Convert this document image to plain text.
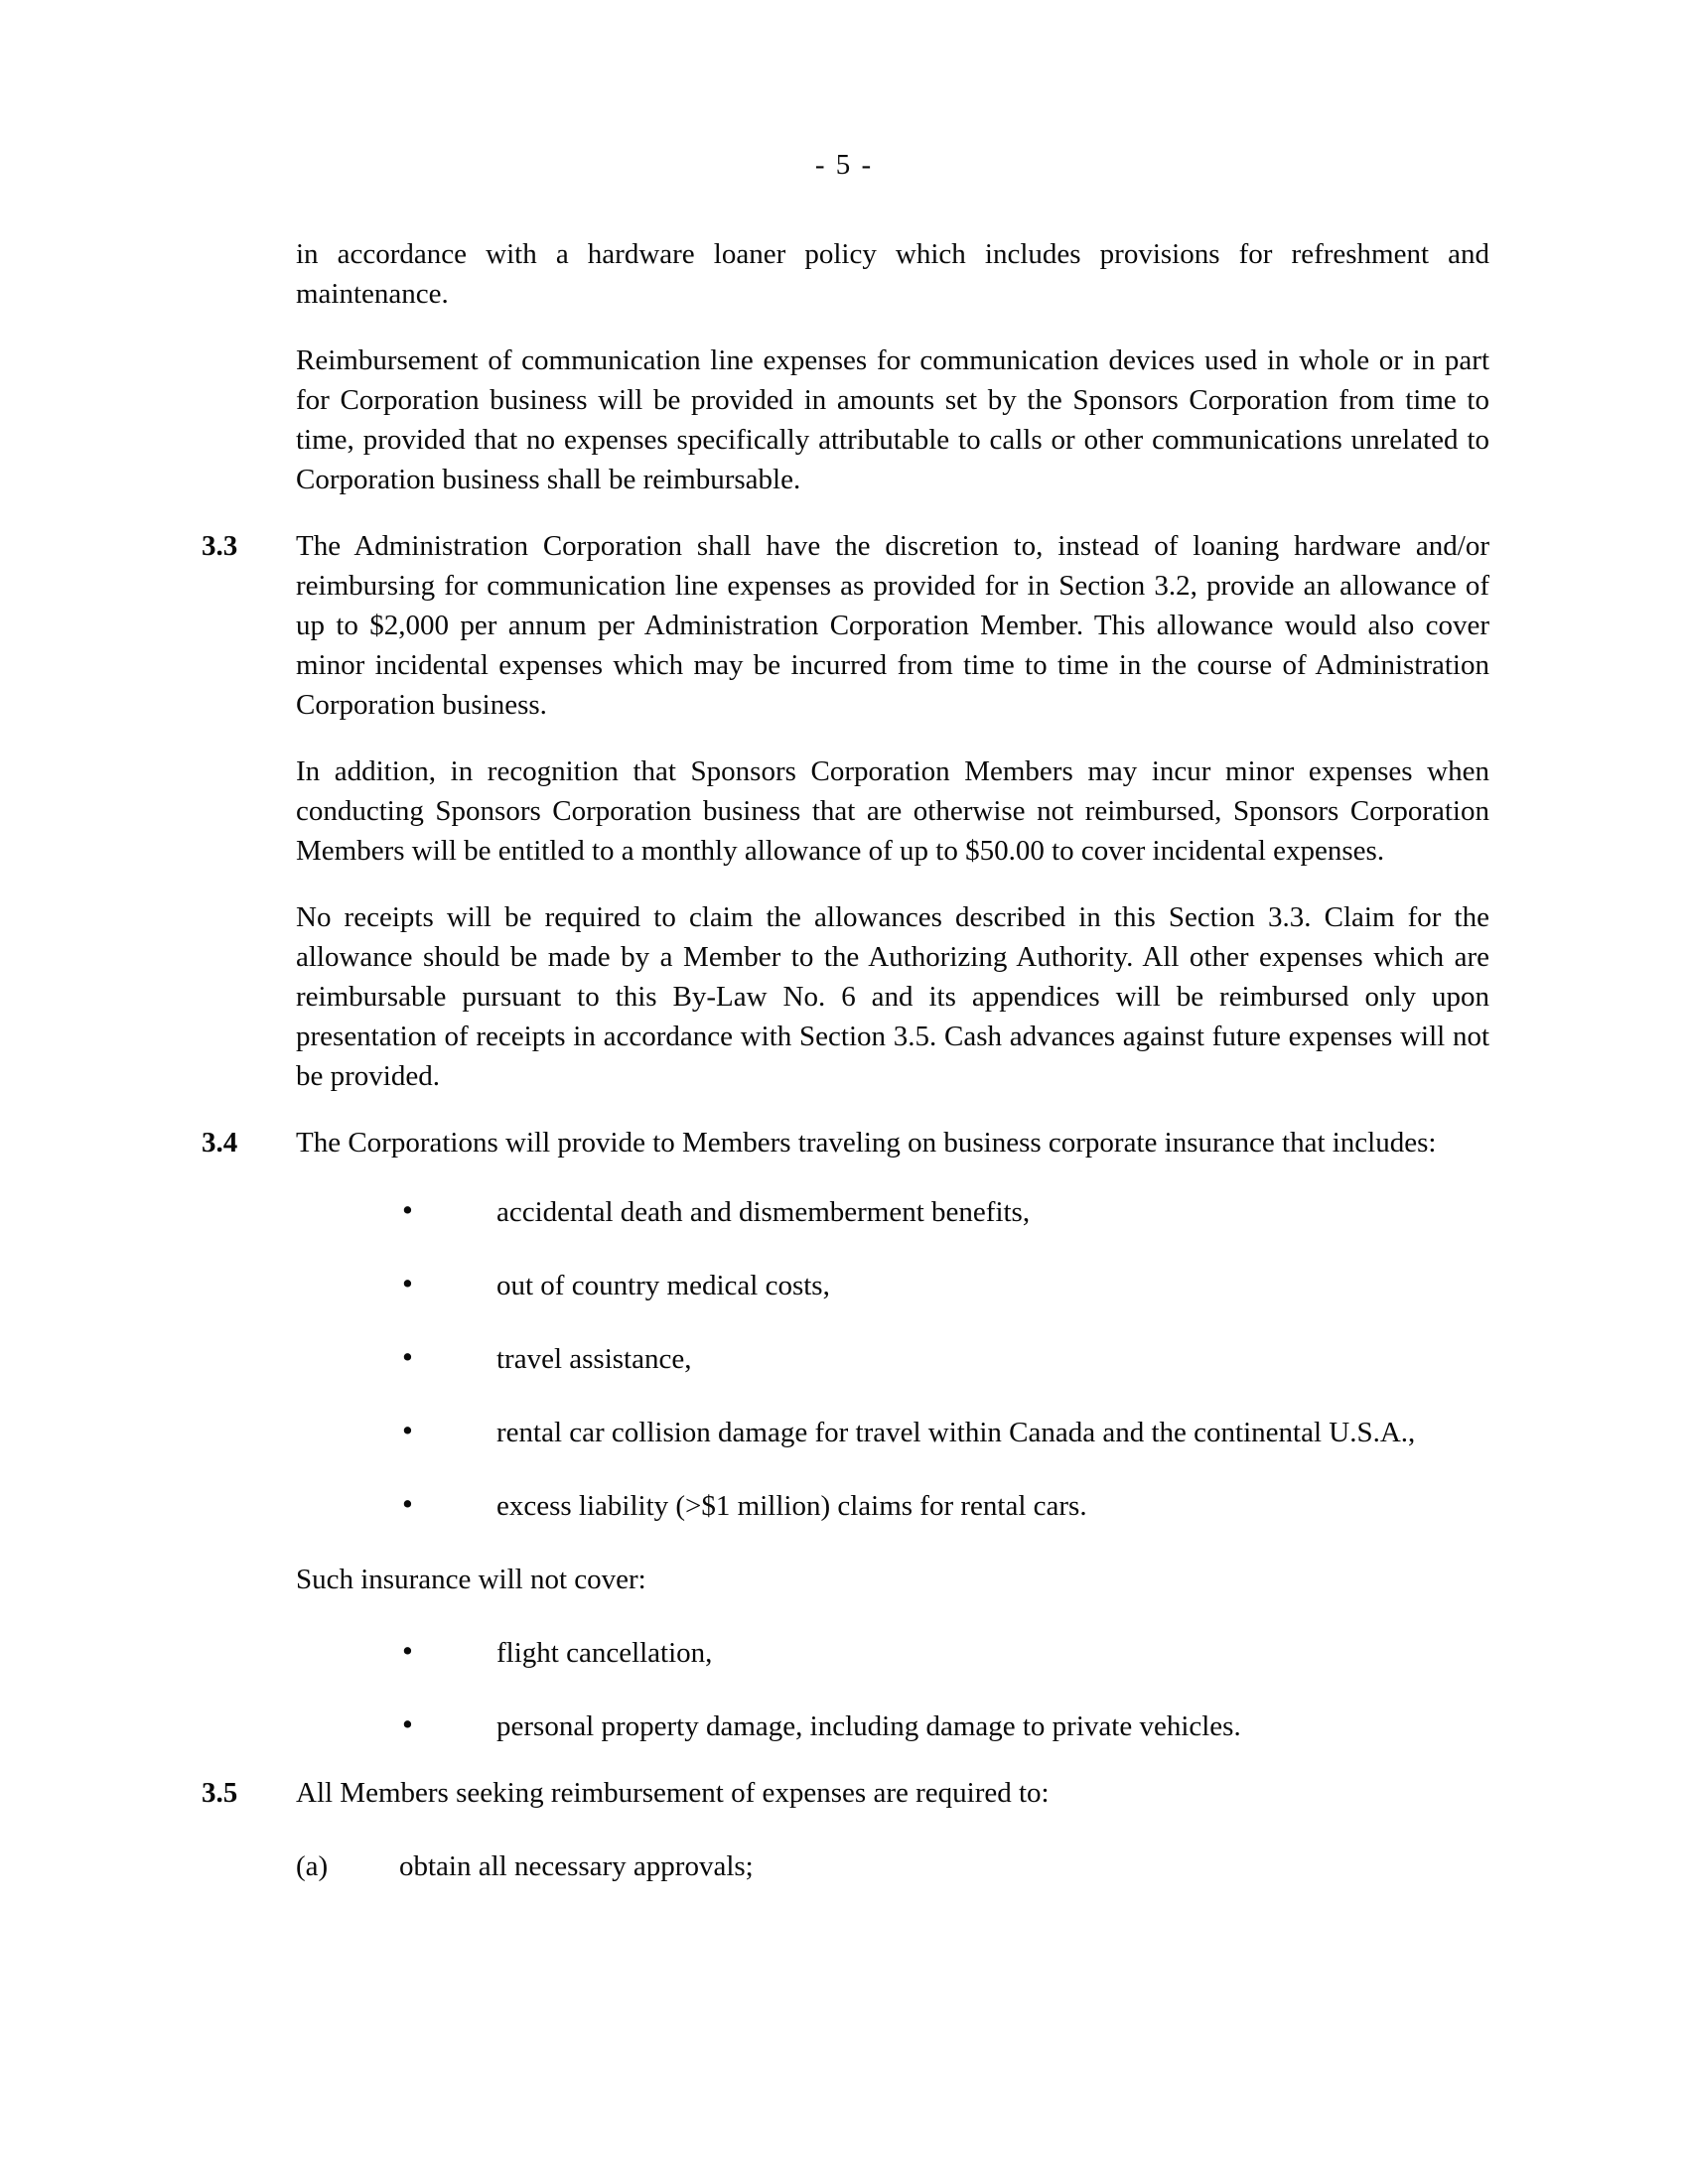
- 5 -

in accordance with a hardware loaner policy which includes provisions for refreshment and maintenance.

Reimbursement of communication line expenses for communication devices used in whole or in part for Corporation business will be provided in amounts set by the Sponsors Corporation from time to time, provided that no expenses specifically attributable to calls or other communications unrelated to Corporation business shall be reimbursable.

3.3 The Administration Corporation shall have the discretion to, instead of loaning hardware and/or reimbursing for communication line expenses as provided for in Section 3.2, provide an allowance of up to $2,000 per annum per Administration Corporation Member. This allowance would also cover minor incidental expenses which may be incurred from time to time in the course of Administration Corporation business.

In addition, in recognition that Sponsors Corporation Members may incur minor expenses when conducting Sponsors Corporation business that are otherwise not reimbursed, Sponsors Corporation Members will be entitled to a monthly allowance of up to $50.00 to cover incidental expenses.

No receipts will be required to claim the allowances described in this Section 3.3. Claim for the allowance should be made by a Member to the Authorizing Authority. All other expenses which are reimbursable pursuant to this By-Law No. 6 and its appendices will be reimbursed only upon presentation of receipts in accordance with Section 3.5. Cash advances against future expenses will not be provided.

3.4 The Corporations will provide to Members traveling on business corporate insurance that includes:

•	accidental death and dismemberment benefits,
•	out of country medical costs,
•	travel assistance,
•	rental car collision damage for travel within Canada and the continental U.S.A.,
•	excess liability (>$1 million) claims for rental cars.

Such insurance will not cover:

•	flight cancellation,
•	personal property damage, including damage to private vehicles.
3.5 All Members seeking reimbursement of expenses are required to:

(a) obtain all necessary approvals;
